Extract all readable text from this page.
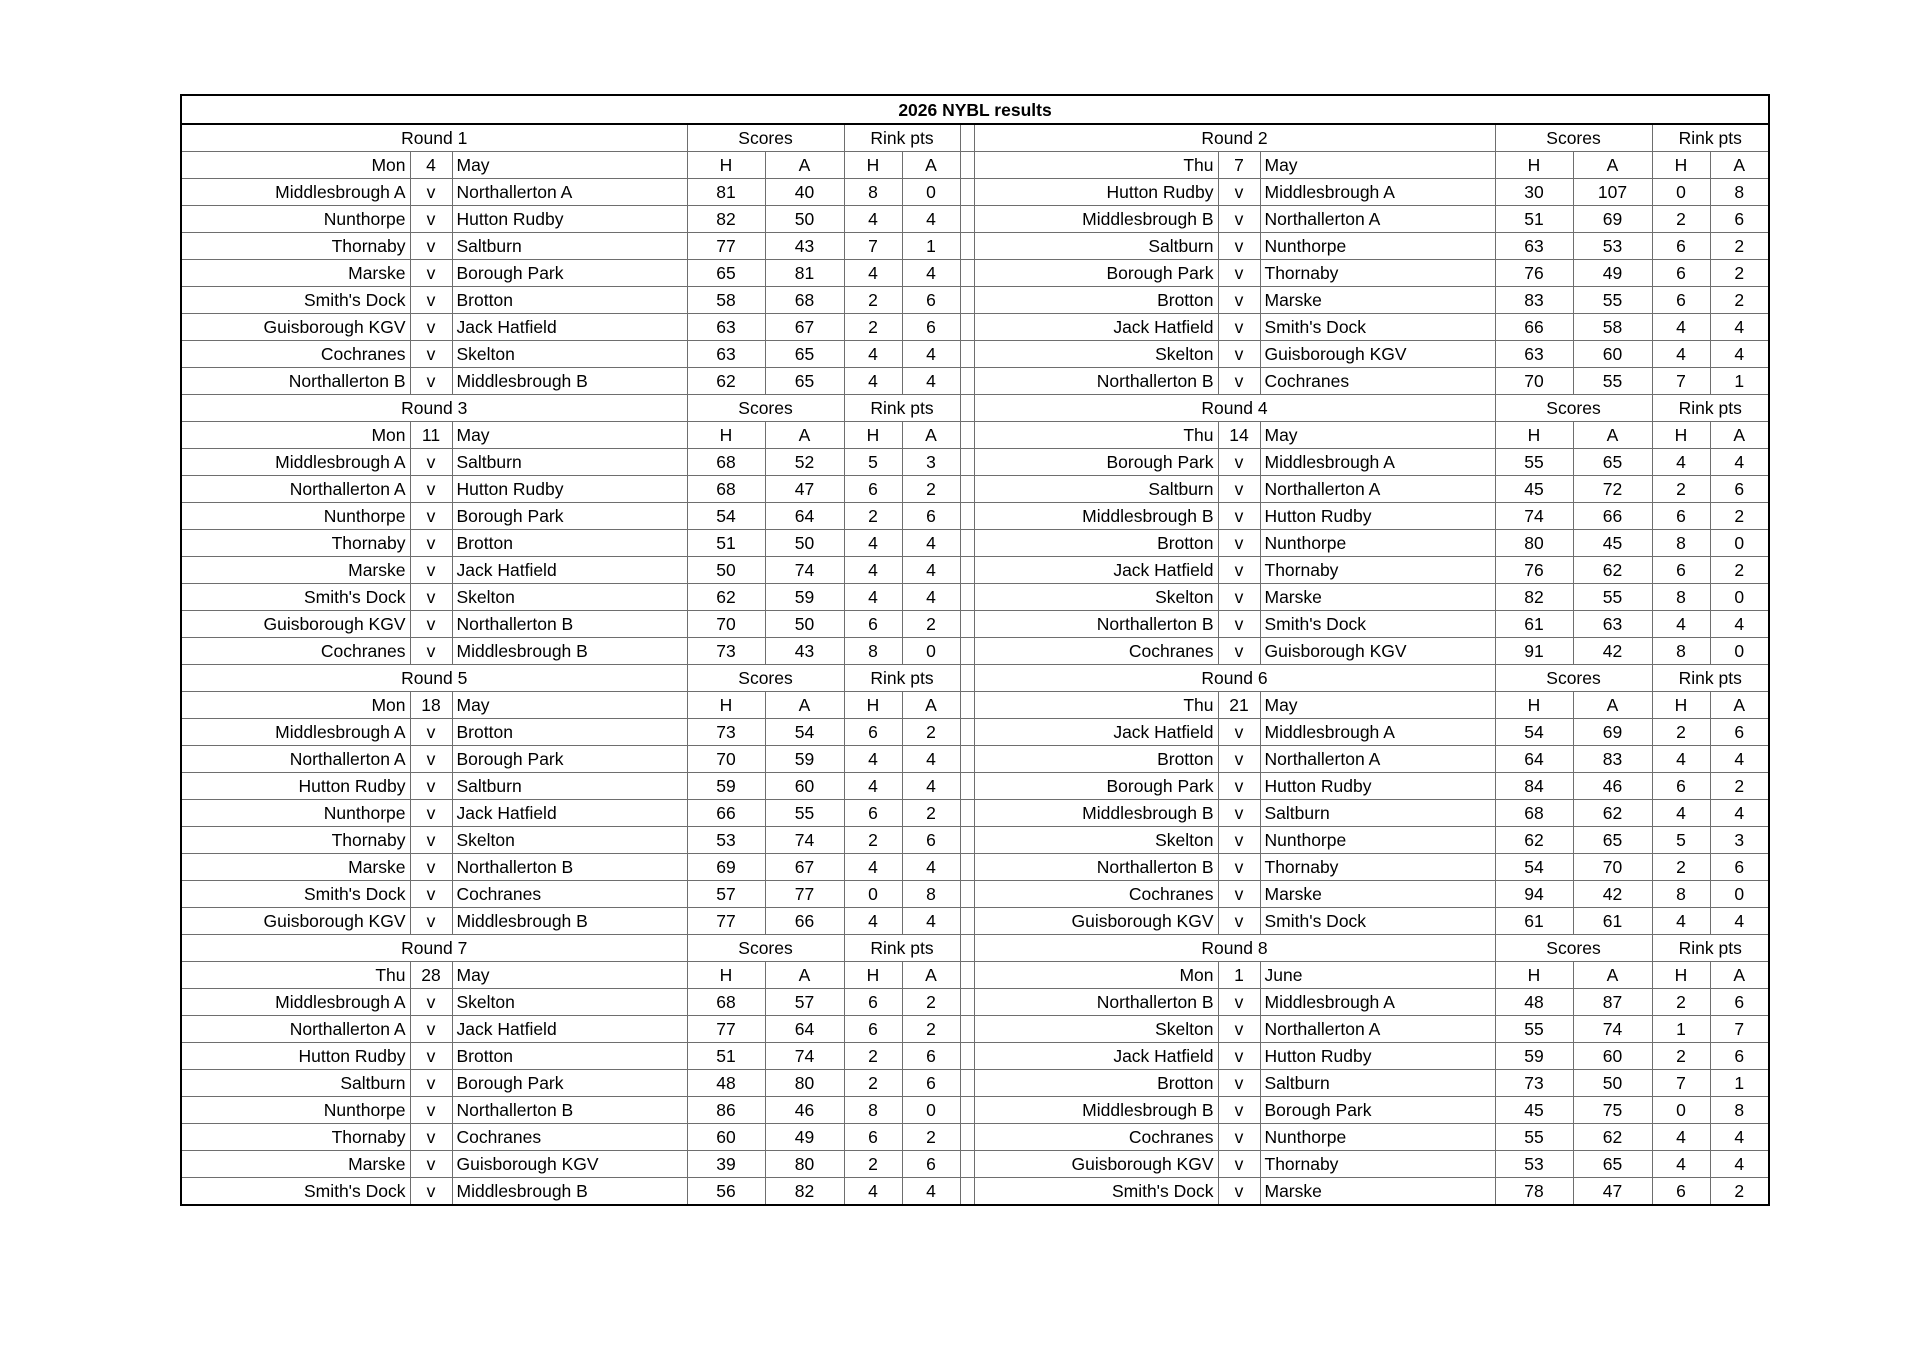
2026 NYBL results														
Round 1			Scores		Rink pts			Round 2			Scores		Rink pts	
Mon	4	May	H	A	H	A		Thu	7	May	H	A	H	A
Middlesbrough A	v	Northallerton A	81	40	8	0		Hutton Rudby	v	Middlesbrough A	30	107	0	8
Nunthorpe	v	Hutton Rudby	82	50	4	4		Middlesbrough B	v	Northallerton A	51	69	2	6
Thornaby	v	Saltburn	77	43	7	1		Saltburn	v	Nunthorpe	63	53	6	2
Marske	v	Borough Park	65	81	4	4		Borough Park	v	Thornaby	76	49	6	2
Smith's Dock	v	Brotton	58	68	2	6		Brotton	v	Marske	83	55	6	2
Guisborough KGV	v	Jack Hatfield	63	67	2	6		Jack Hatfield	v	Smith's Dock	66	58	4	4
Cochranes	v	Skelton	63	65	4	4		Skelton	v	Guisborough KGV	63	60	4	4
Northallerton B	v	Middlesbrough B	62	65	4	4		Northallerton B	v	Cochranes	70	55	7	1
Round 3			Scores		Rink pts			Round 4			Scores		Rink pts	
Mon	11	May	H	A	H	A		Thu	14	May	H	A	H	A
Middlesbrough A	v	Saltburn	68	52	5	3		Borough Park	v	Middlesbrough A	55	65	4	4
Northallerton A	v	Hutton Rudby	68	47	6	2		Saltburn	v	Northallerton A	45	72	2	6
Nunthorpe	v	Borough Park	54	64	2	6		Middlesbrough B	v	Hutton Rudby	74	66	6	2
Thornaby	v	Brotton	51	50	4	4		Brotton	v	Nunthorpe	80	45	8	0
Marske	v	Jack Hatfield	50	74	4	4		Jack Hatfield	v	Thornaby	76	62	6	2
Smith's Dock	v	Skelton	62	59	4	4		Skelton	v	Marske	82	55	8	0
Guisborough KGV	v	Northallerton B	70	50	6	2		Northallerton B	v	Smith's Dock	61	63	4	4
Cochranes	v	Middlesbrough B	73	43	8	0		Cochranes	v	Guisborough KGV	91	42	8	0
Round 5			Scores		Rink pts			Round 6			Scores		Rink pts	
Mon	18	May	H	A	H	A		Thu	21	May	H	A	H	A
Middlesbrough A	v	Brotton	73	54	6	2		Jack Hatfield	v	Middlesbrough A	54	69	2	6
Northallerton A	v	Borough Park	70	59	4	4		Brotton	v	Northallerton A	64	83	4	4
Hutton Rudby	v	Saltburn	59	60	4	4		Borough Park	v	Hutton Rudby	84	46	6	2
Nunthorpe	v	Jack Hatfield	66	55	6	2		Middlesbrough B	v	Saltburn	68	62	4	4
Thornaby	v	Skelton	53	74	2	6		Skelton	v	Nunthorpe	62	65	5	3
Marske	v	Northallerton B	69	67	4	4		Northallerton B	v	Thornaby	54	70	2	6
Smith's Dock	v	Cochranes	57	77	0	8		Cochranes	v	Marske	94	42	8	0
Guisborough KGV	v	Middlesbrough B	77	66	4	4		Guisborough KGV	v	Smith's Dock	61	61	4	4
Round 7			Scores		Rink pts			Round 8			Scores		Rink pts	
Thu	28	May	H	A	H	A		Mon	1	June	H	A	H	A
Middlesbrough A	v	Skelton	68	57	6	2		Northallerton B	v	Middlesbrough A	48	87	2	6
Northallerton A	v	Jack Hatfield	77	64	6	2		Skelton	v	Northallerton A	55	74	1	7
Hutton Rudby	v	Brotton	51	74	2	6		Jack Hatfield	v	Hutton Rudby	59	60	2	6
Saltburn	v	Borough Park	48	80	2	6		Brotton	v	Saltburn	73	50	7	1
Nunthorpe	v	Northallerton B	86	46	8	0		Middlesbrough B	v	Borough Park	45	75	0	8
Thornaby	v	Cochranes	60	49	6	2		Cochranes	v	Nunthorpe	55	62	4	4
Marske	v	Guisborough KGV	39	80	2	6		Guisborough KGV	v	Thornaby	53	65	4	4
Smith's Dock	v	Middlesbrough B	56	82	4	4		Smith's Dock	v	Marske	78	47	6	2
